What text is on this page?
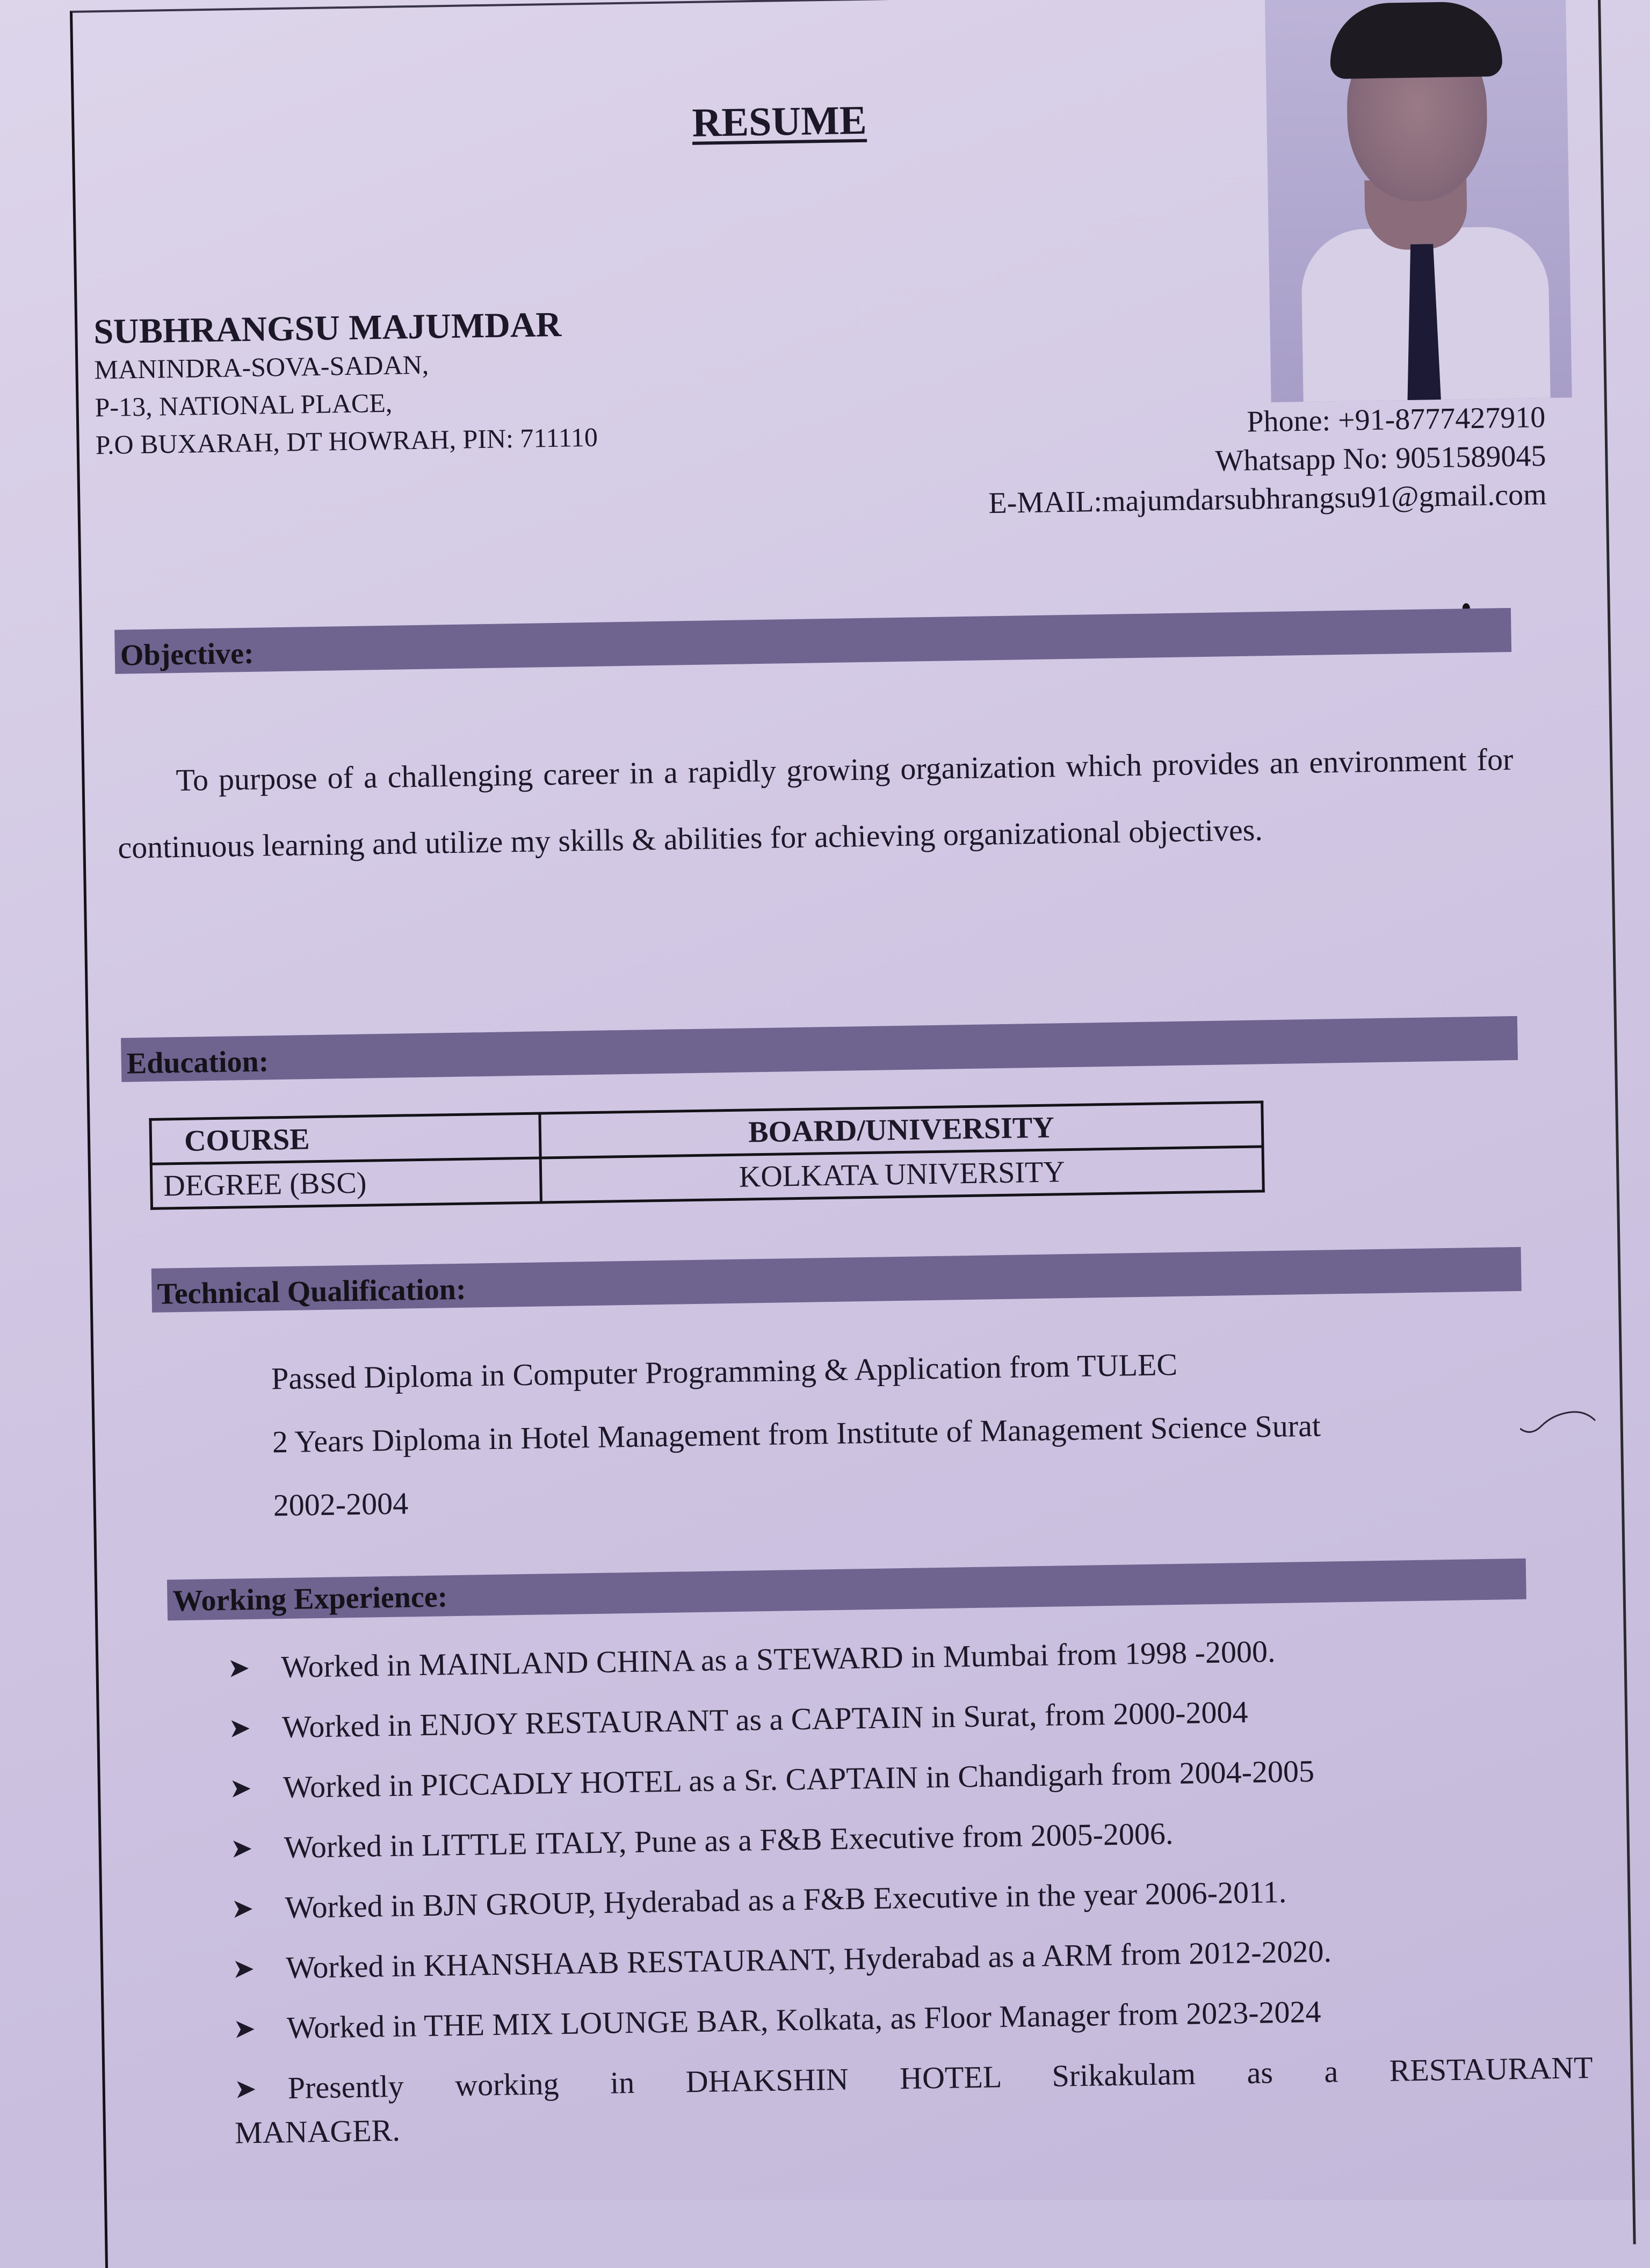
RESUME
SUBHRANGSU MAJUMDAR
MANINDRA-SOVA-SADAN,
P-13, NATIONAL PLACE,
P.O BUXARAH, DT HOWRAH, PIN: 711110
Phone: +91-8777427910
Whatsapp No: 9051589045
E-MAIL:majumdarsubhrangsu91@gmail.com
Objective:
To purpose of a challenging career in a rapidly growing organization which provides an environment for continuous learning and utilize my skills & abilities for achieving organizational objectives.
Education:
COURSE	BOARD/UNIVERSITY
DEGREE (BSC)	KOLKATA UNIVERSITY
Technical Qualification:
Passed Diploma in Computer Programming & Application from TULEC
2 Years Diploma in Hotel Management from Institute of Management Science Surat
2002-2004
Working Experience:
➤ Worked in MAINLAND CHINA as a STEWARD in Mumbai from 1998 -2000.
➤ Worked in ENJOY RESTAURANT as a CAPTAIN in Surat, from 2000-2004
➤ Worked in PICCADLY HOTEL as a Sr. CAPTAIN in Chandigarh from 2004-2005
➤ Worked in LITTLE ITALY, Pune as a F&B Executive from 2005-2006.
➤ Worked in BJN GROUP, Hyderabad as a F&B Executive in the year 2006-2011.
➤ Worked in KHANSHAAB RESTAURANT, Hyderabad as a ARM from 2012-2020.
➤ Worked in THE MIX LOUNGE BAR, Kolkata, as Floor Manager from 2023-2024
➤ Presently working in DHAKSHIN HOTEL Srikakulam as a RESTAURANT
MANAGER.
